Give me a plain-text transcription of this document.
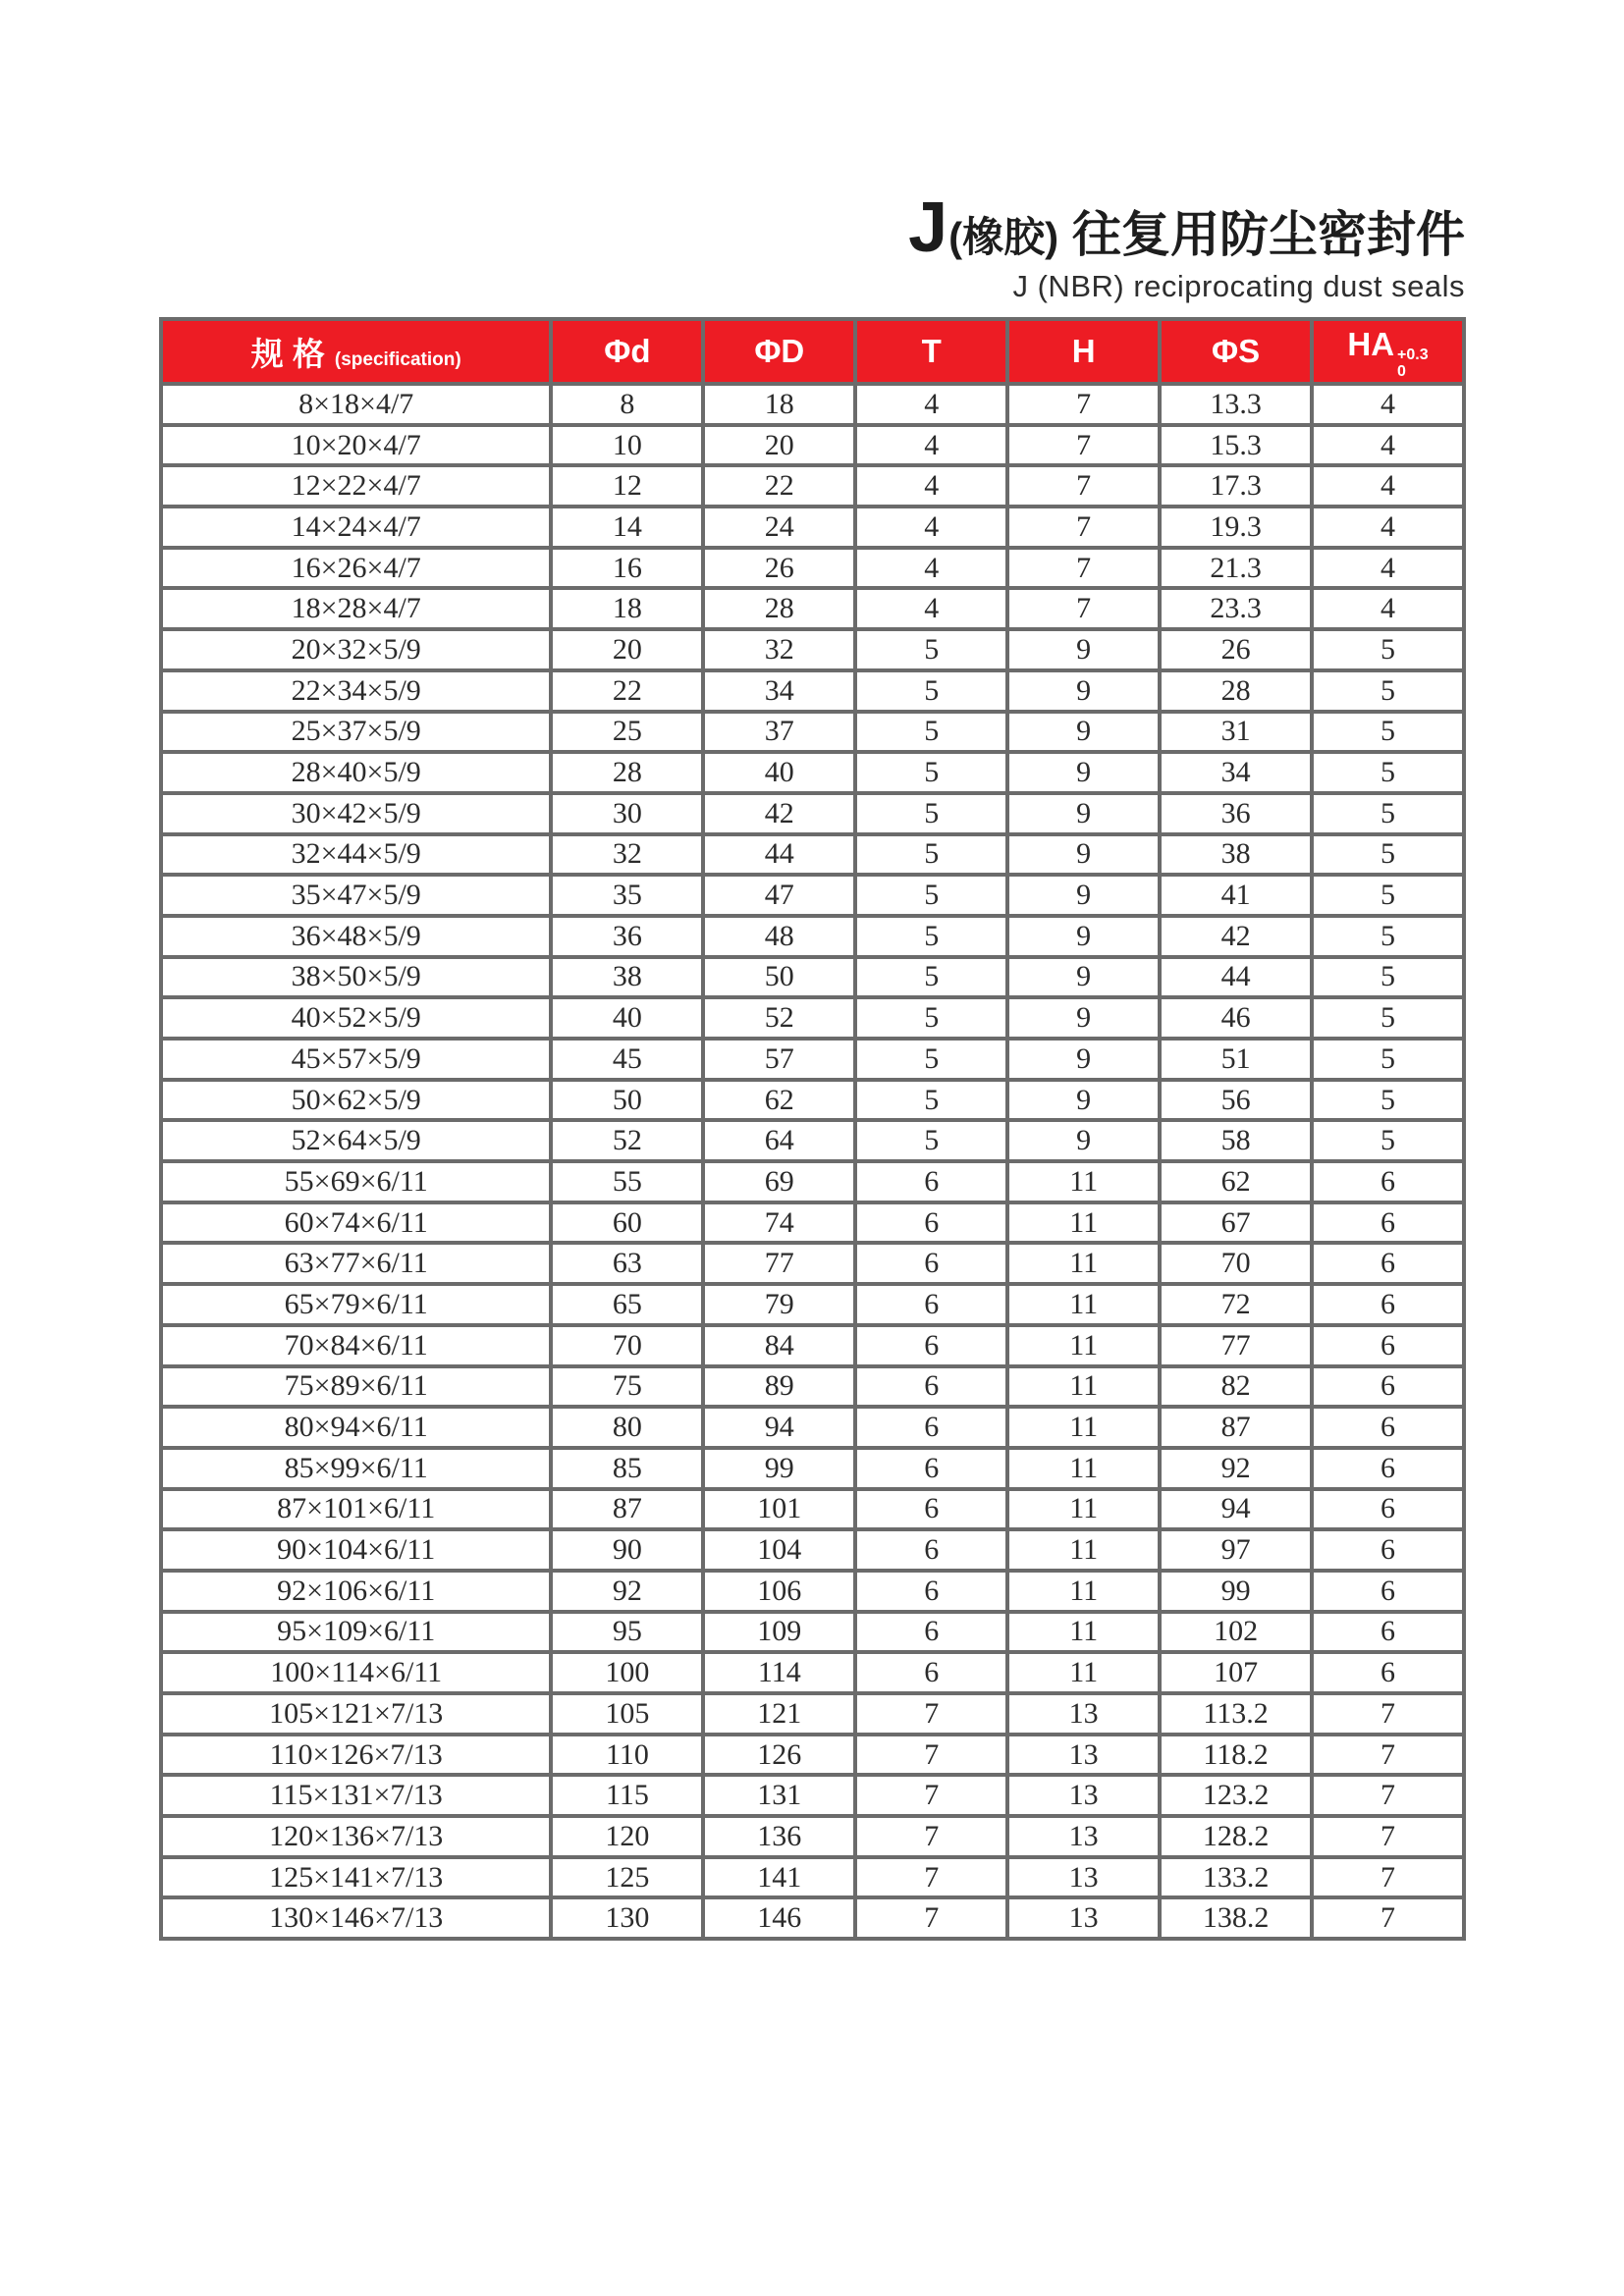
J(橡胶) 往复用防尘密封件
J (NBR) reciprocating dust seals
规 格 (specification)	Φd	ΦD	T	H	ΦS	HA +0.3
0

8×18×4/7	8	18	4	7	13.3	4
10×20×4/7	10	20	4	7	15.3	4
12×22×4/7	12	22	4	7	17.3	4
14×24×4/7	14	24	4	7	19.3	4
16×26×4/7	16	26	4	7	21.3	4
18×28×4/7	18	28	4	7	23.3	4
20×32×5/9	20	32	5	9	26	5
22×34×5/9	22	34	5	9	28	5
25×37×5/9	25	37	5	9	31	5
28×40×5/9	28	40	5	9	34	5
30×42×5/9	30	42	5	9	36	5
32×44×5/9	32	44	5	9	38	5
35×47×5/9	35	47	5	9	41	5
36×48×5/9	36	48	5	9	42	5
38×50×5/9	38	50	5	9	44	5
40×52×5/9	40	52	5	9	46	5
45×57×5/9	45	57	5	9	51	5
50×62×5/9	50	62	5	9	56	5
52×64×5/9	52	64	5	9	58	5
55×69×6/11	55	69	6	11	62	6
60×74×6/11	60	74	6	11	67	6
63×77×6/11	63	77	6	11	70	6
65×79×6/11	65	79	6	11	72	6
70×84×6/11	70	84	6	11	77	6
75×89×6/11	75	89	6	11	82	6
80×94×6/11	80	94	6	11	87	6
85×99×6/11	85	99	6	11	92	6
87×101×6/11	87	101	6	11	94	6
90×104×6/11	90	104	6	11	97	6
92×106×6/11	92	106	6	11	99	6
95×109×6/11	95	109	6	11	102	6
100×114×6/11	100	114	6	11	107	6
105×121×7/13	105	121	7	13	113.2	7
110×126×7/13	110	126	7	13	118.2	7
115×131×7/13	115	131	7	13	123.2	7
120×136×7/13	120	136	7	13	128.2	7
125×141×7/13	125	141	7	13	133.2	7
130×146×7/13	130	146	7	13	138.2	7
